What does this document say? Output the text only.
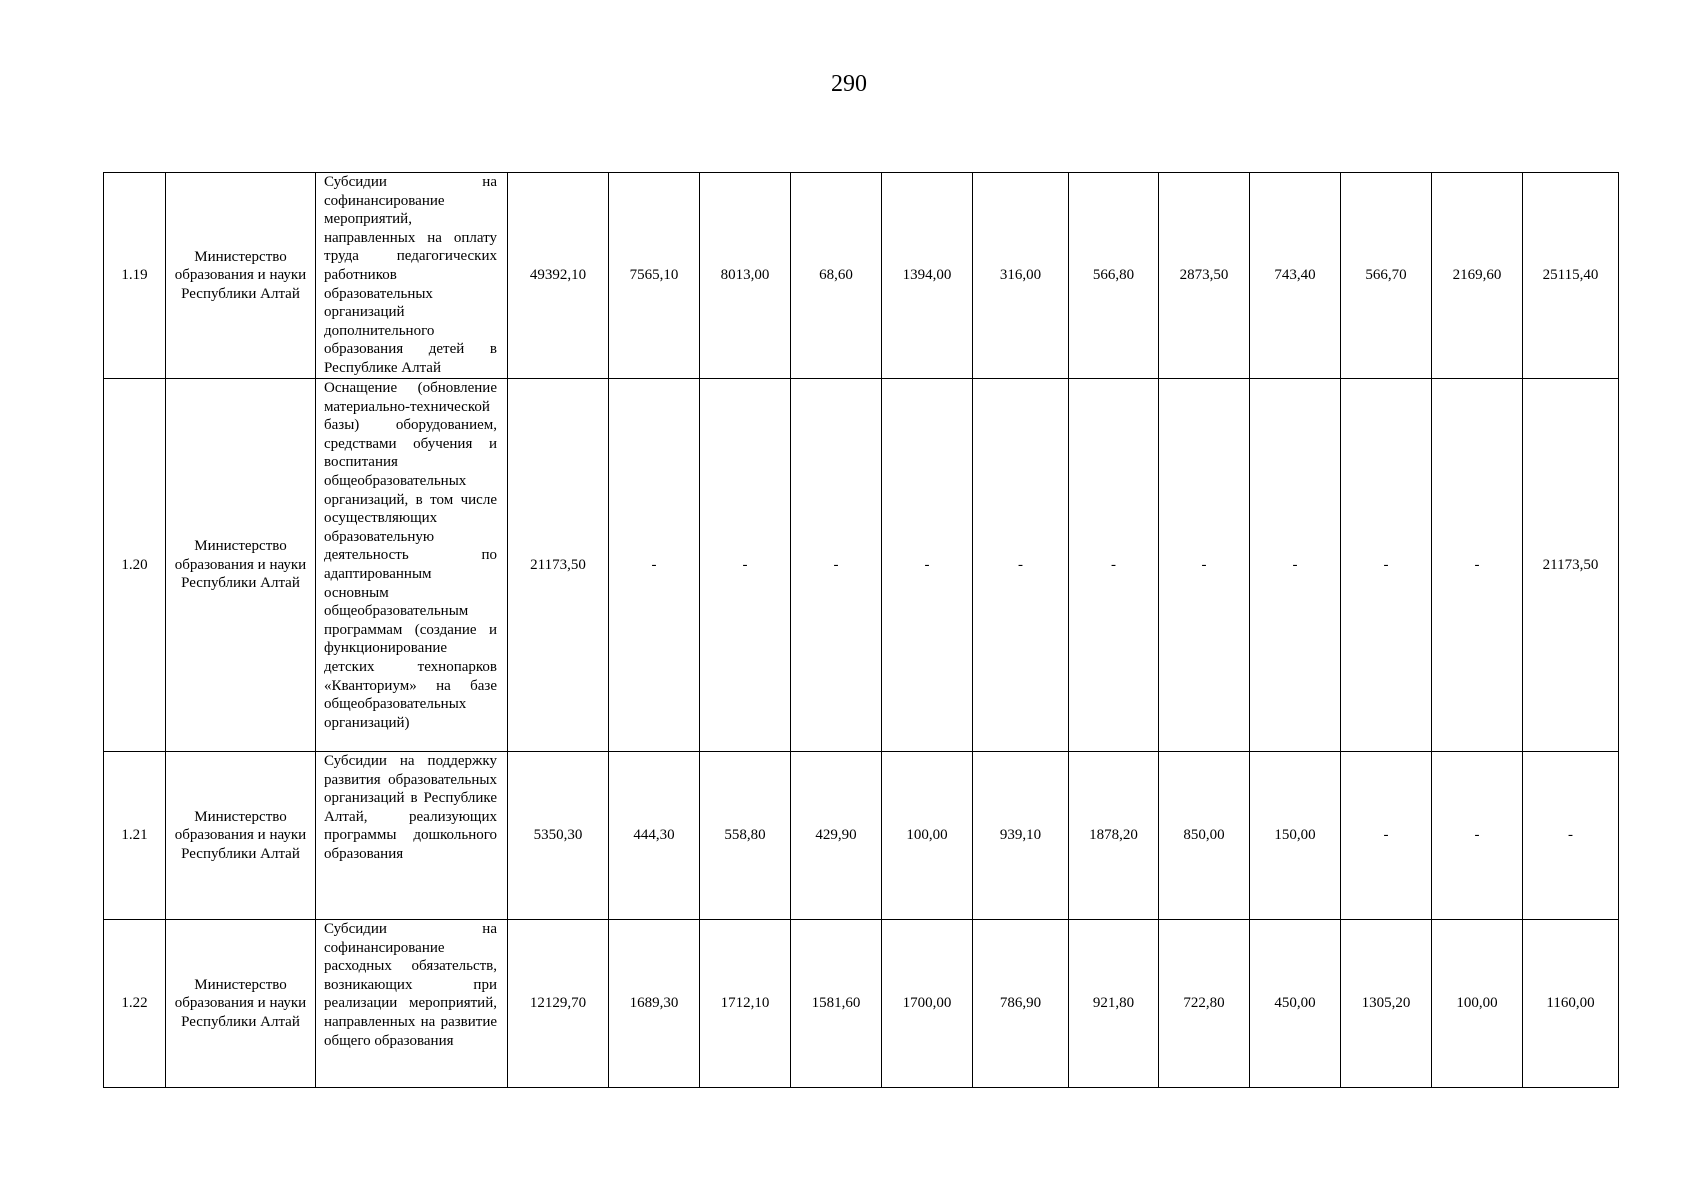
290
1.19	Министерство образования и науки Республики Алтай	Субсидии на софинансирование мероприятий, направленных на оплату труда педагогических работников образовательных организаций дополнительного образования детей в Республике Алтай	49392,10	7565,10	8013,00	68,60	1394,00	316,00	566,80	2873,50	743,40	566,70	2169,60	25115,40
1.20	Министерство образования и науки Республики Алтай	Оснащение (обновление материально-технической базы) оборудованием, средствами обучения и воспитания общеобразовательных организаций, в том числе осуществляющих образовательную деятельность по адаптированным основным общеобразовательным программам (создание и функционирование детских технопарков «Кванториум» на базе общеобразовательных организаций)	21173,50	-	-	-	-	-	-	-	-	-	-	21173,50
1.21	Министерство образования и науки Республики Алтай	Субсидии на поддержку развития образовательных организаций в Республике Алтай, реализующих программы дошкольного образования	5350,30	444,30	558,80	429,90	100,00	939,10	1878,20	850,00	150,00	-	-	-
1.22	Министерство образования и науки Республики Алтай	Субсидии на софинансирование расходных обязательств, возникающих при реализации мероприятий, направленных на развитие общего образования	12129,70	1689,30	1712,10	1581,60	1700,00	786,90	921,80	722,80	450,00	1305,20	100,00	1160,00
